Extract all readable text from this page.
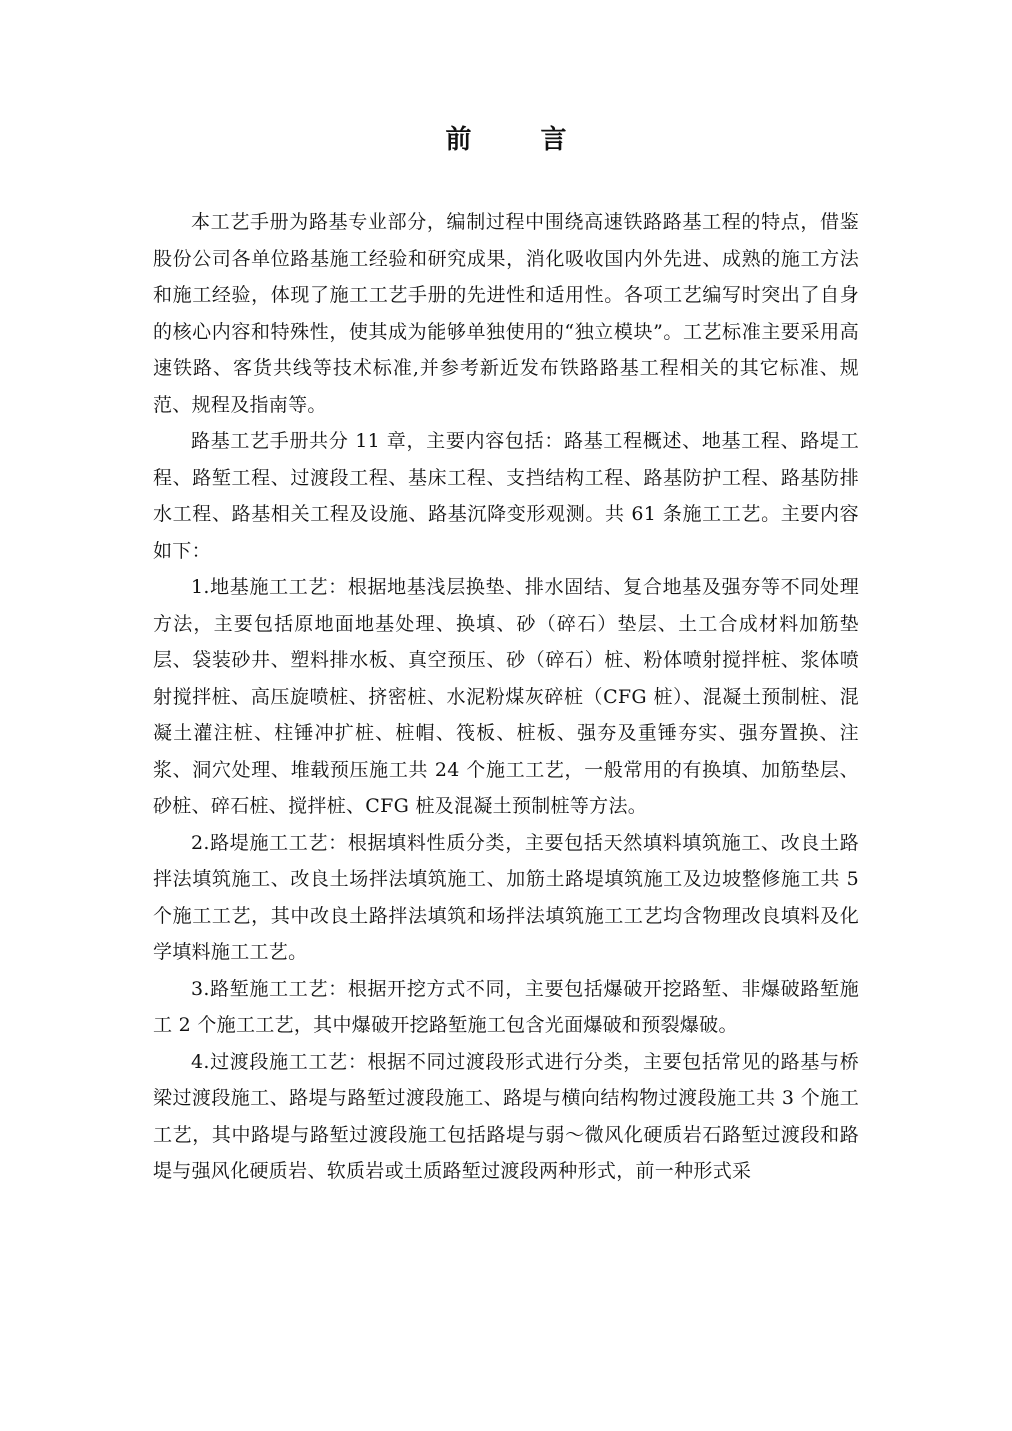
前 言

本工艺手册为路基专业部分，编制过程中围绕高速铁路路基工程的特点，借鉴股份公司各单位路基施工经验和研究成果，消化吸收国内外先进、成熟的施工方法和施工经验，体现了施工工艺手册的先进性和适用性。各项工艺编写时突出了自身的核心内容和特殊性，使其成为能够单独使用的“独立模块”。工艺标准主要采用高速铁路、客货共线等技术标准,并参考新近发布铁路路基工程相关的其它标准、规范、规程及指南等。

路基工艺手册共分 11 章，主要内容包括：路基工程概述、地基工程、路堤工程、路堑工程、过渡段工程、基床工程、支挡结构工程、路基防护工程、路基防排水工程、路基相关工程及设施、路基沉降变形观测。共 61 条施工工艺。主要内容如下：

1.地基施工工艺：根据地基浅层换垫、排水固结、复合地基及强夯等不同处理方法，主要包括原地面地基处理、换填、砂（碎石）垫层、土工合成材料加筋垫层、袋装砂井、塑料排水板、真空预压、砂（碎石）桩、粉体喷射搅拌桩、浆体喷射搅拌桩、高压旋喷桩、挤密桩、水泥粉煤灰碎桩（CFG 桩）、混凝土预制桩、混凝土灌注桩、柱锤冲扩桩、桩帽、筏板、桩板、强夯及重锤夯实、强夯置换、注浆、洞穴处理、堆载预压施工共 24 个施工工艺，一般常用的有换填、加筋垫层、砂桩、碎石桩、搅拌桩、CFG 桩及混凝土预制桩等方法。

2.路堤施工工艺：根据填料性质分类，主要包括天然填料填筑施工、改良土路拌法填筑施工、改良土场拌法填筑施工、加筋土路堤填筑施工及边坡整修施工共 5 个施工工艺，其中改良土路拌法填筑和场拌法填筑施工工艺均含物理改良填料及化学填料施工工艺。

3.路堑施工工艺：根据开挖方式不同，主要包括爆破开挖路堑、非爆破路堑施工 2 个施工工艺，其中爆破开挖路堑施工包含光面爆破和预裂爆破。

4.过渡段施工工艺：根据不同过渡段形式进行分类，主要包括常见的路基与桥梁过渡段施工、路堤与路堑过渡段施工、路堤与横向结构物过渡段施工共 3 个施工工艺，其中路堤与路堑过渡段施工包括路堤与弱～微风化硬质岩石路堑过渡段和路堤与强风化硬质岩、软质岩或土质路堑过渡段两种形式，前一种形式采
